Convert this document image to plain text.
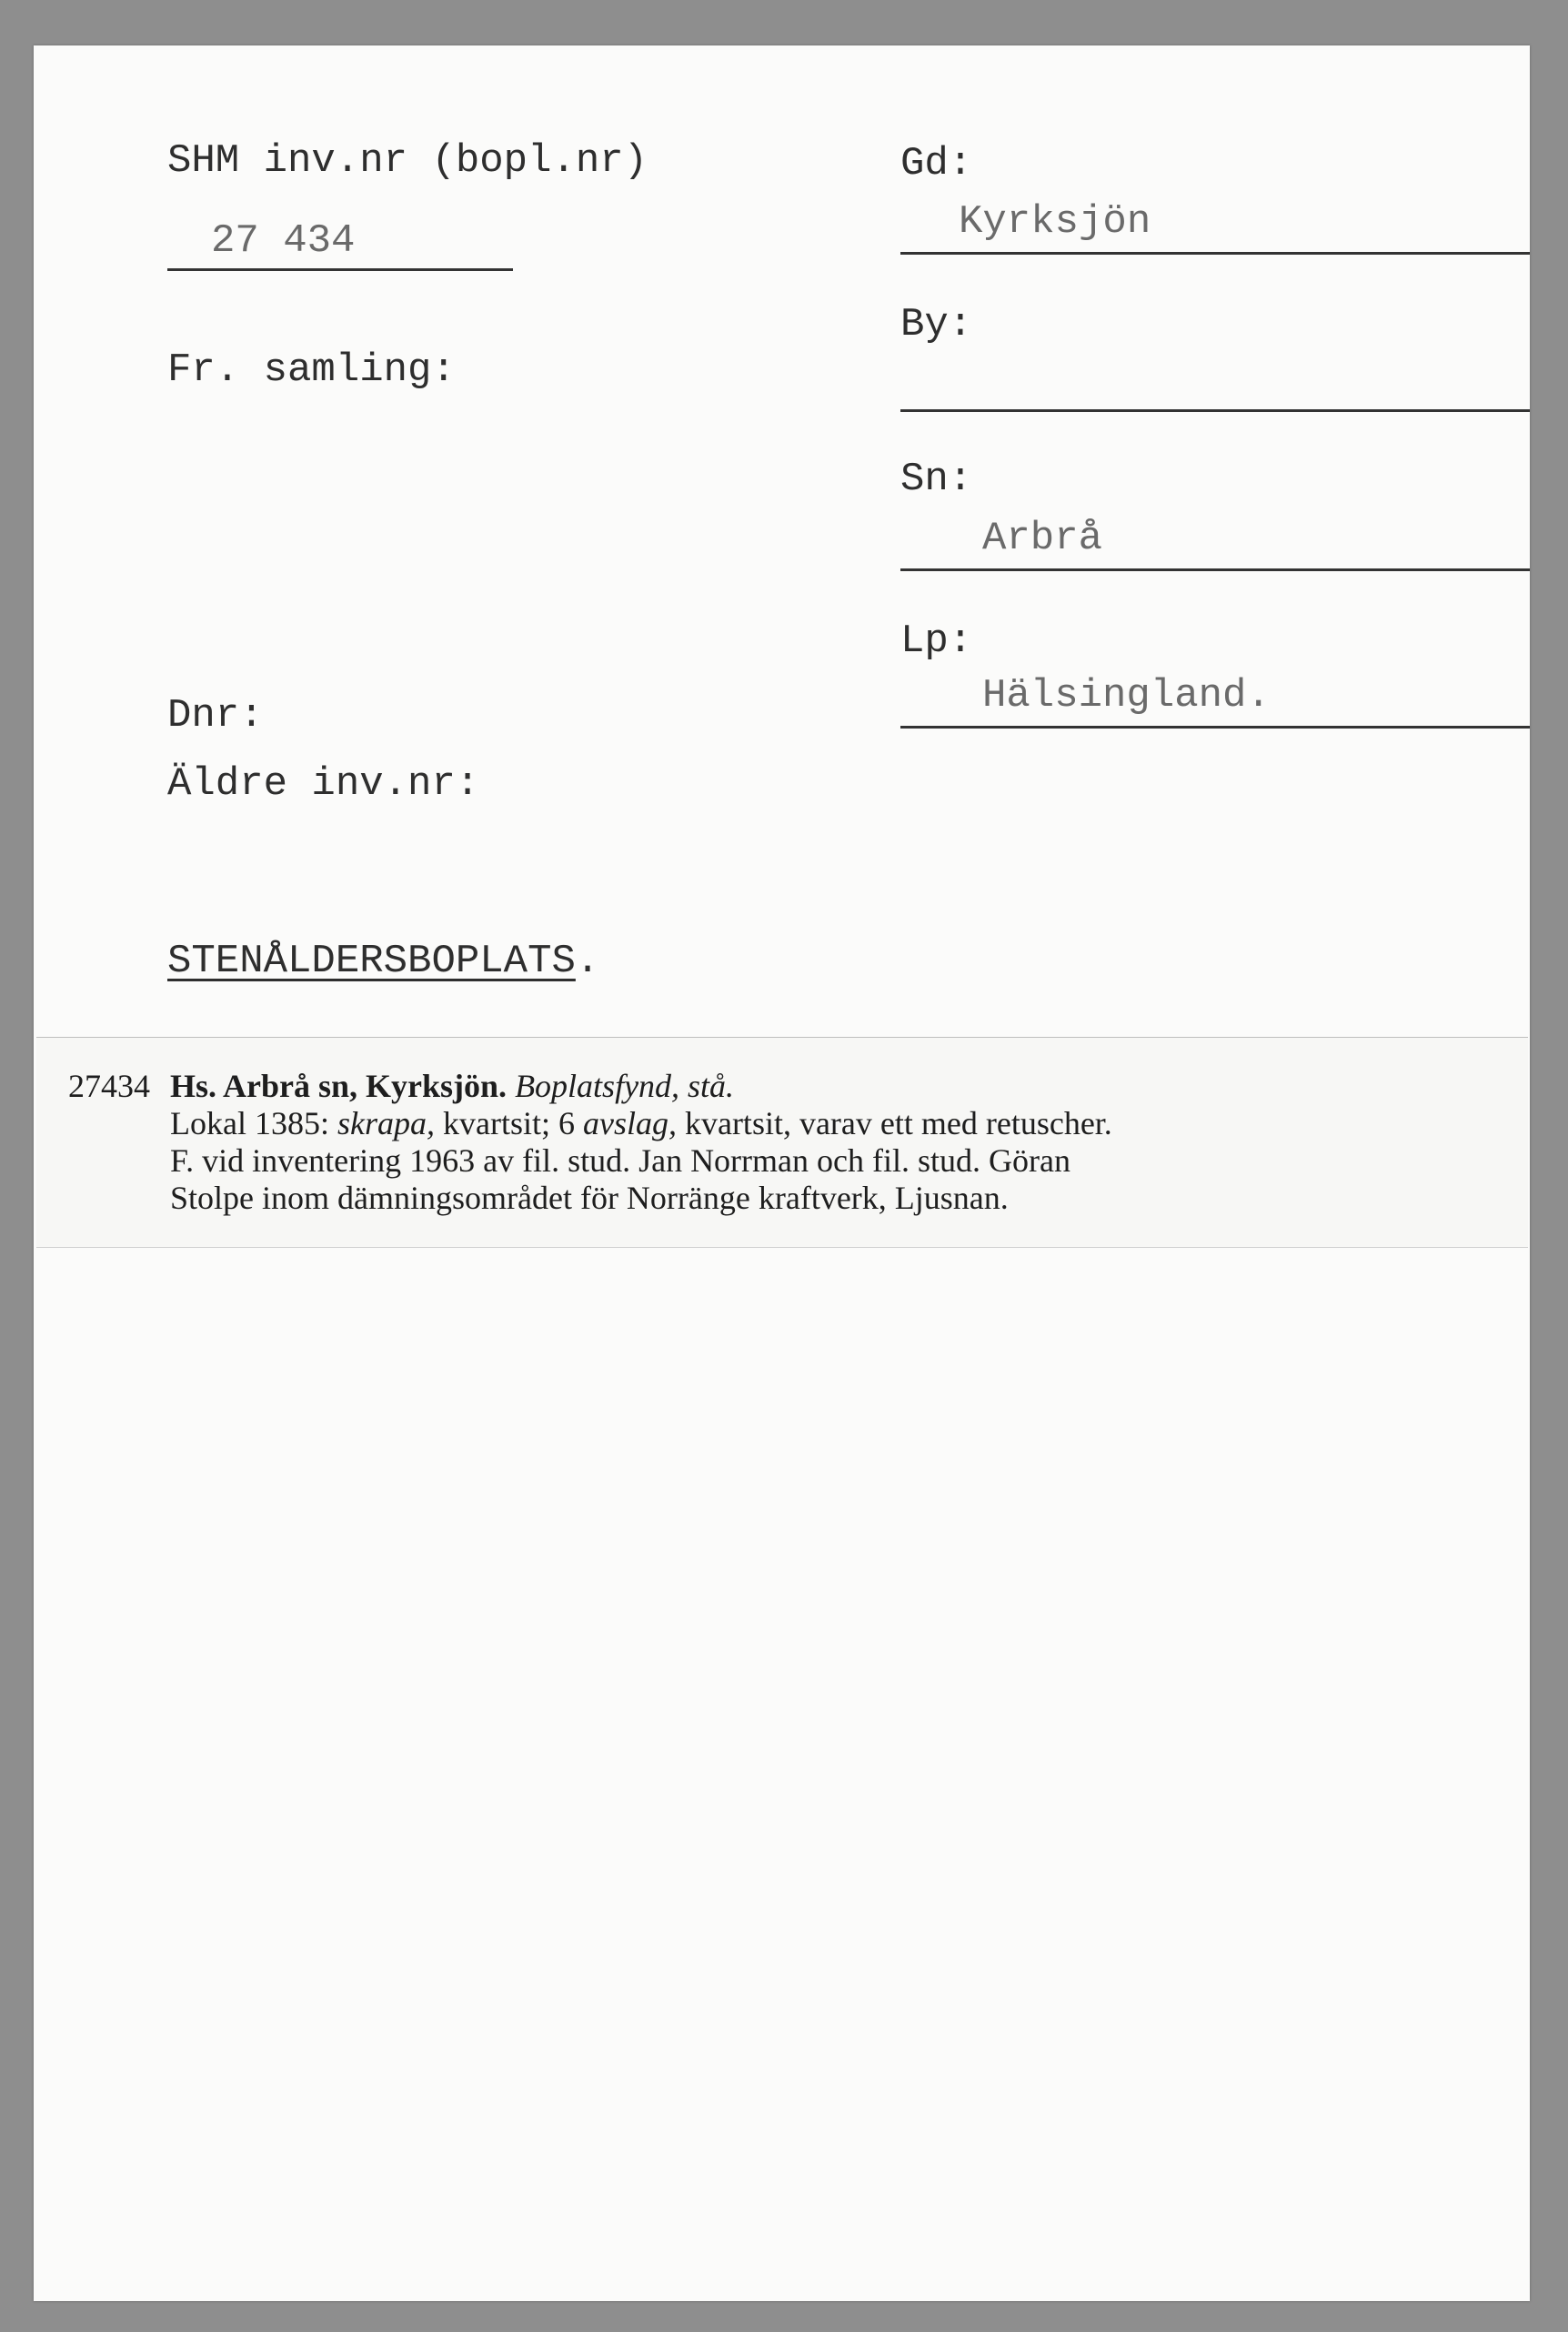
SHM inv.nr (bopl.nr)
27 434
Fr. samling:
Dnr:
Äldre inv.nr:
STENÅLDERSBOPLATS.
Gd:
Kyrksjön
By:
Sn:
Arbrå
Lp:
Hälsingland.
27434 Hs. Arbrå sn, Kyrksjön. Boplatsfynd, stå.
Lokal 1385: skrapa, kvartsit; 6 avslag, kvartsit, varav ett med retuscher.
F. vid inventering 1963 av fil. stud. Jan Norrman och fil. stud. Göran
Stolpe inom dämningsområdet för Norränge kraftverk, Ljusnan.
